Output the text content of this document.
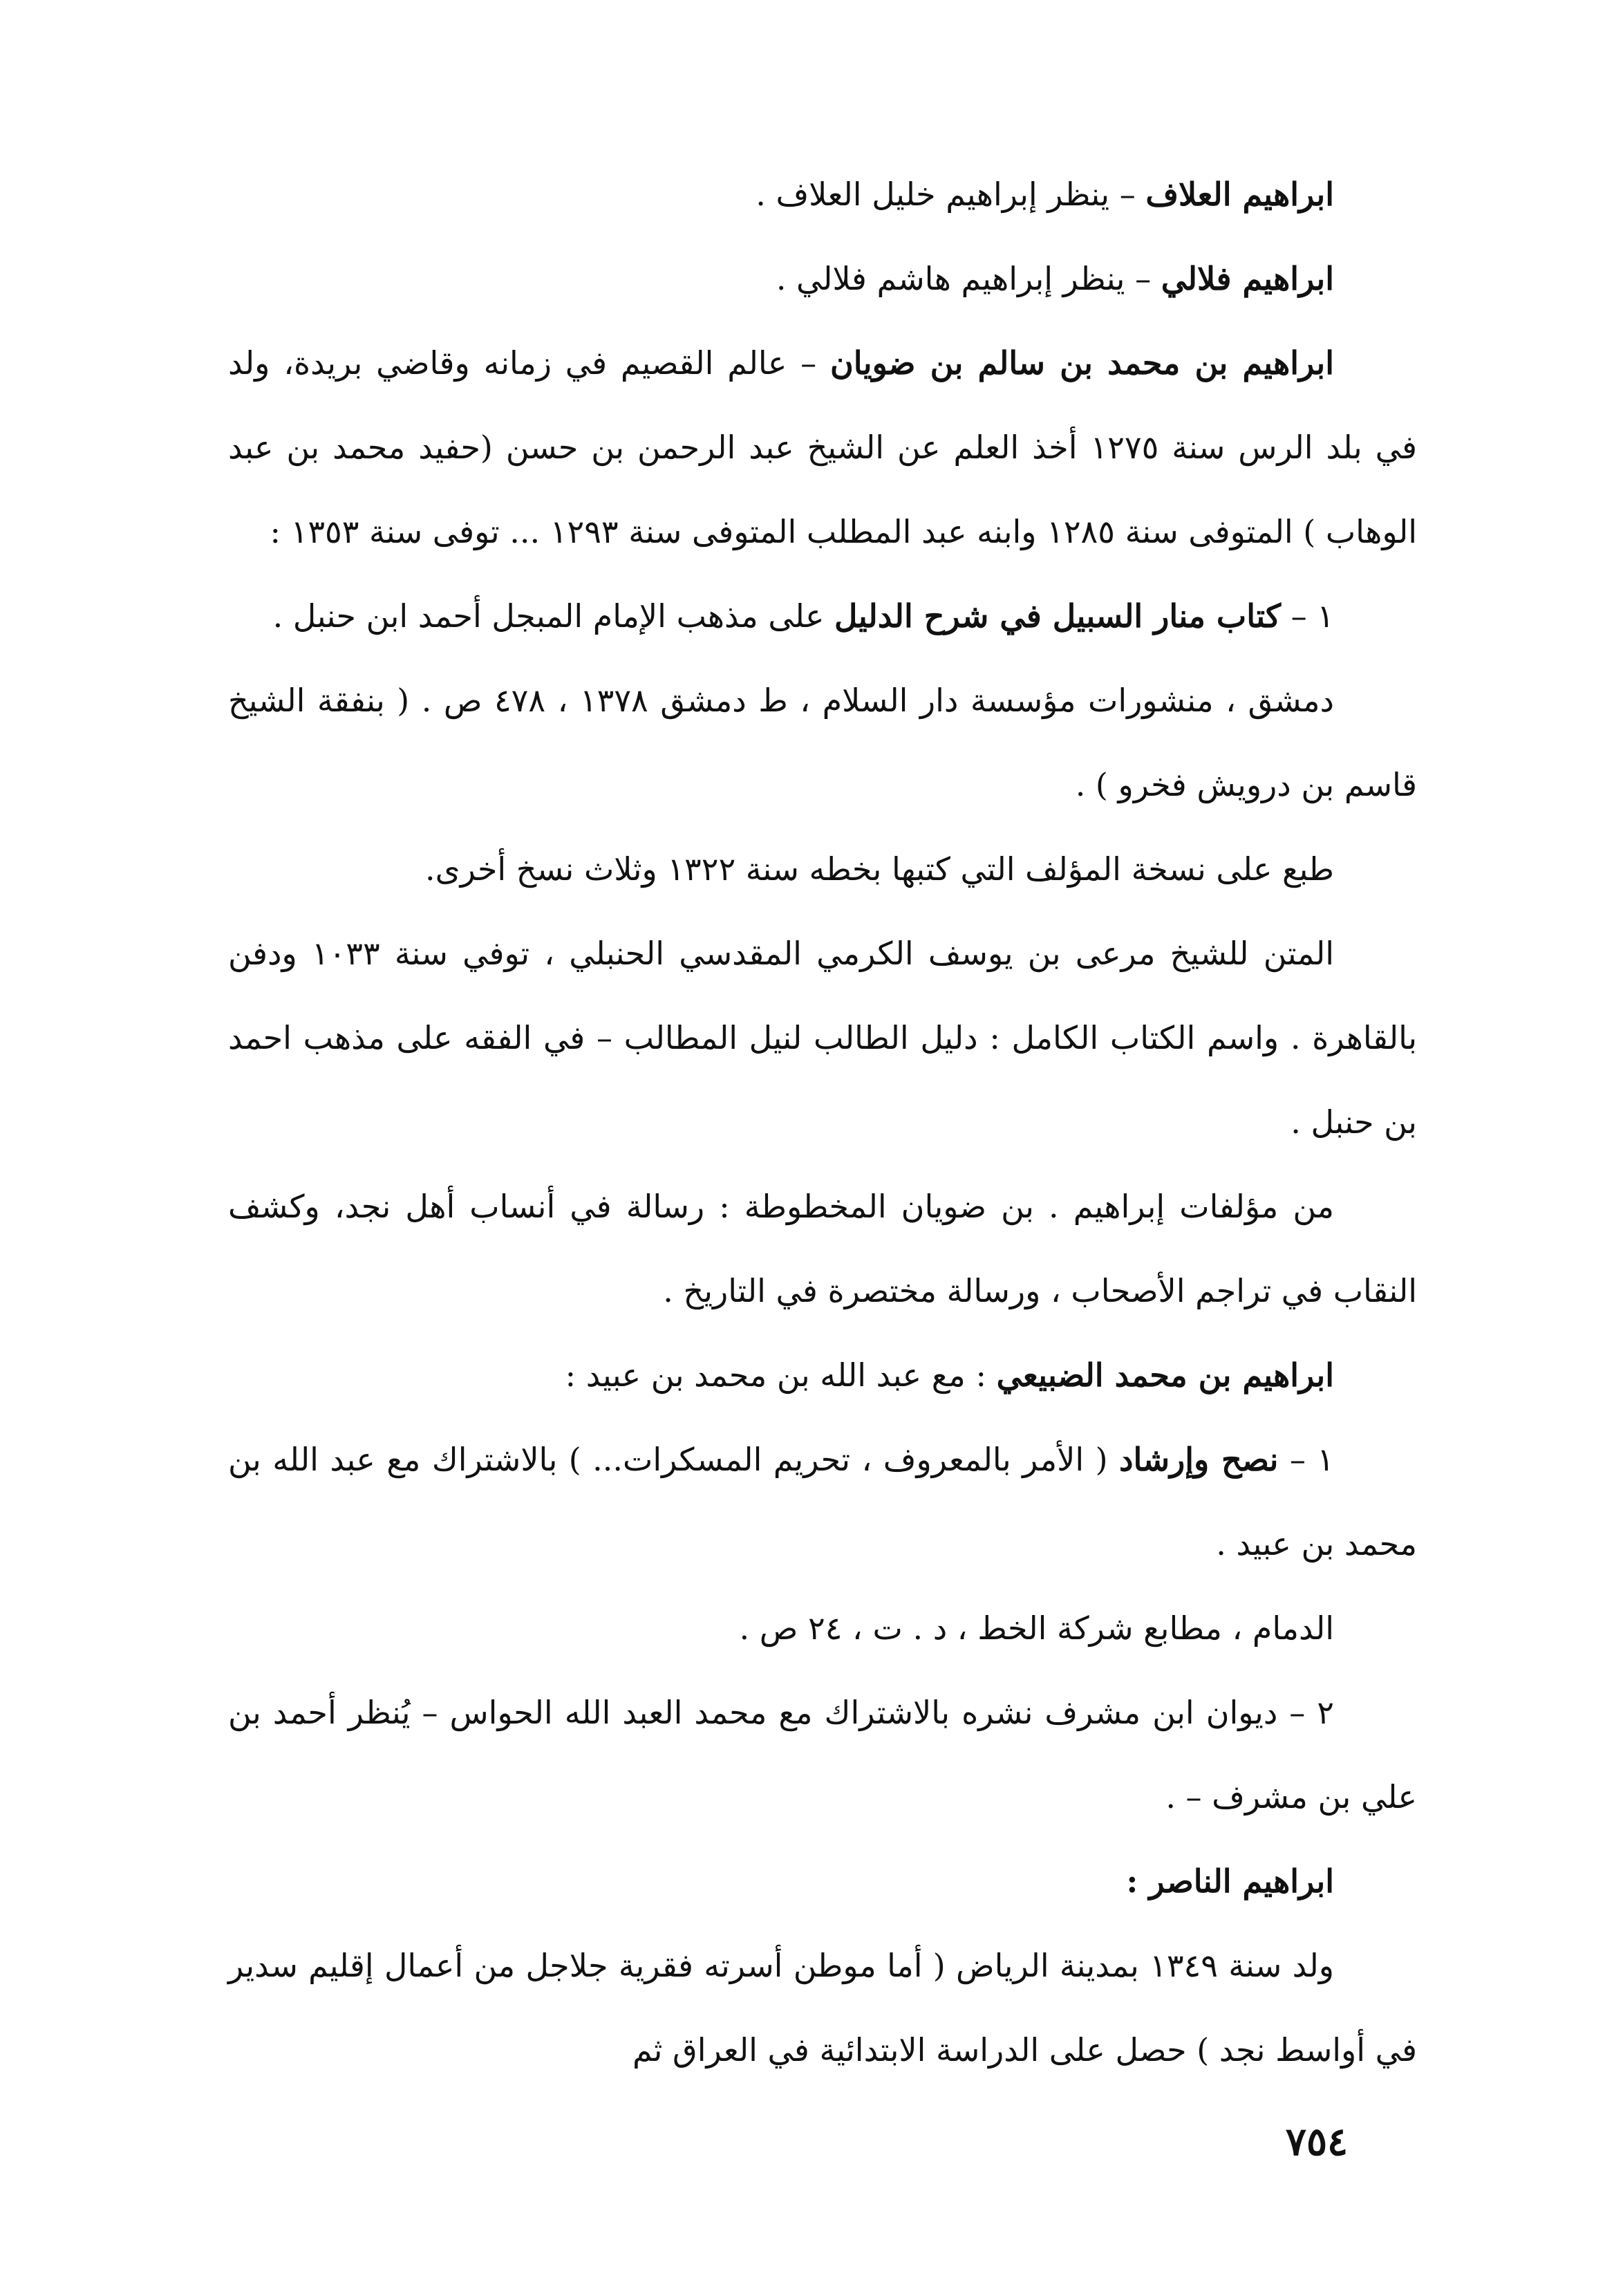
ابراهيم العلاف – ينظر إبراهيم خليل العلاف .

ابراهيم فلالي – ينظر إبراهيم هاشم فلالي .

ابراهيم بن محمد بن سالم بن ضويان – عالم القصيم في زمانه وقاضي بريدة، ولد في بلد الرس سنة ١٢٧٥ أخذ العلم عن الشيخ عبد الرحمن بن حسن (حفيد محمد بن عبد الوهاب ) المتوفى سنة ١٢٨٥ وابنه عبد المطلب المتوفى سنة ١٢٩٣ ... توفى سنة ١٣٥٣ :

١ – كتاب منار السبيل في شرح الدليل على مذهب الإمام المبجل أحمد ابن حنبل .

دمشق ، منشورات مؤسسة دار السلام ، ط دمشق ١٣٧٨ ، ٤٧٨ ص . ( بنفقة الشيخ قاسم بن درويش فخرو ) .

طبع على نسخة المؤلف التي كتبها بخطه سنة ١٣٢٢ وثلاث نسخ أخرى.

المتن للشيخ مرعى بن يوسف الكرمي المقدسي الحنبلي ، توفي سنة ١٠٣٣ ودفن بالقاهرة . واسم الكتاب الكامل : دليل الطالب لنيل المطالب – في الفقه على مذهب احمد بن حنبل .

من مؤلفات إبراهيم . بن ضويان المخطوطة : رسالة في أنساب أهل نجد، وكشف النقاب في تراجم الأصحاب ، ورسالة مختصرة في التاريخ .

ابراهيم بن محمد الضبيعي : مع عبد الله بن محمد بن عبيد :

١ – نصح وإرشاد ( الأمر بالمعروف ، تحريم المسكرات... ) بالاشتراك مع عبد الله بن محمد بن عبيد .

الدمام ، مطابع شركة الخط ، د . ت ، ٢٤ ص .

٢ – ديوان ابن مشرف نشره بالاشتراك مع محمد العبد الله الحواس – يُنظر أحمد بن علي بن مشرف – .

ابراهيم الناصر :

ولد سنة ١٣٤٩ بمدينة الرياض ( أما موطن أسرته فقرية جلاجل من أعمال إقليم سدير في أواسط نجد ) حصل على الدراسة الابتدائية في العراق ثم

٧٥٤
